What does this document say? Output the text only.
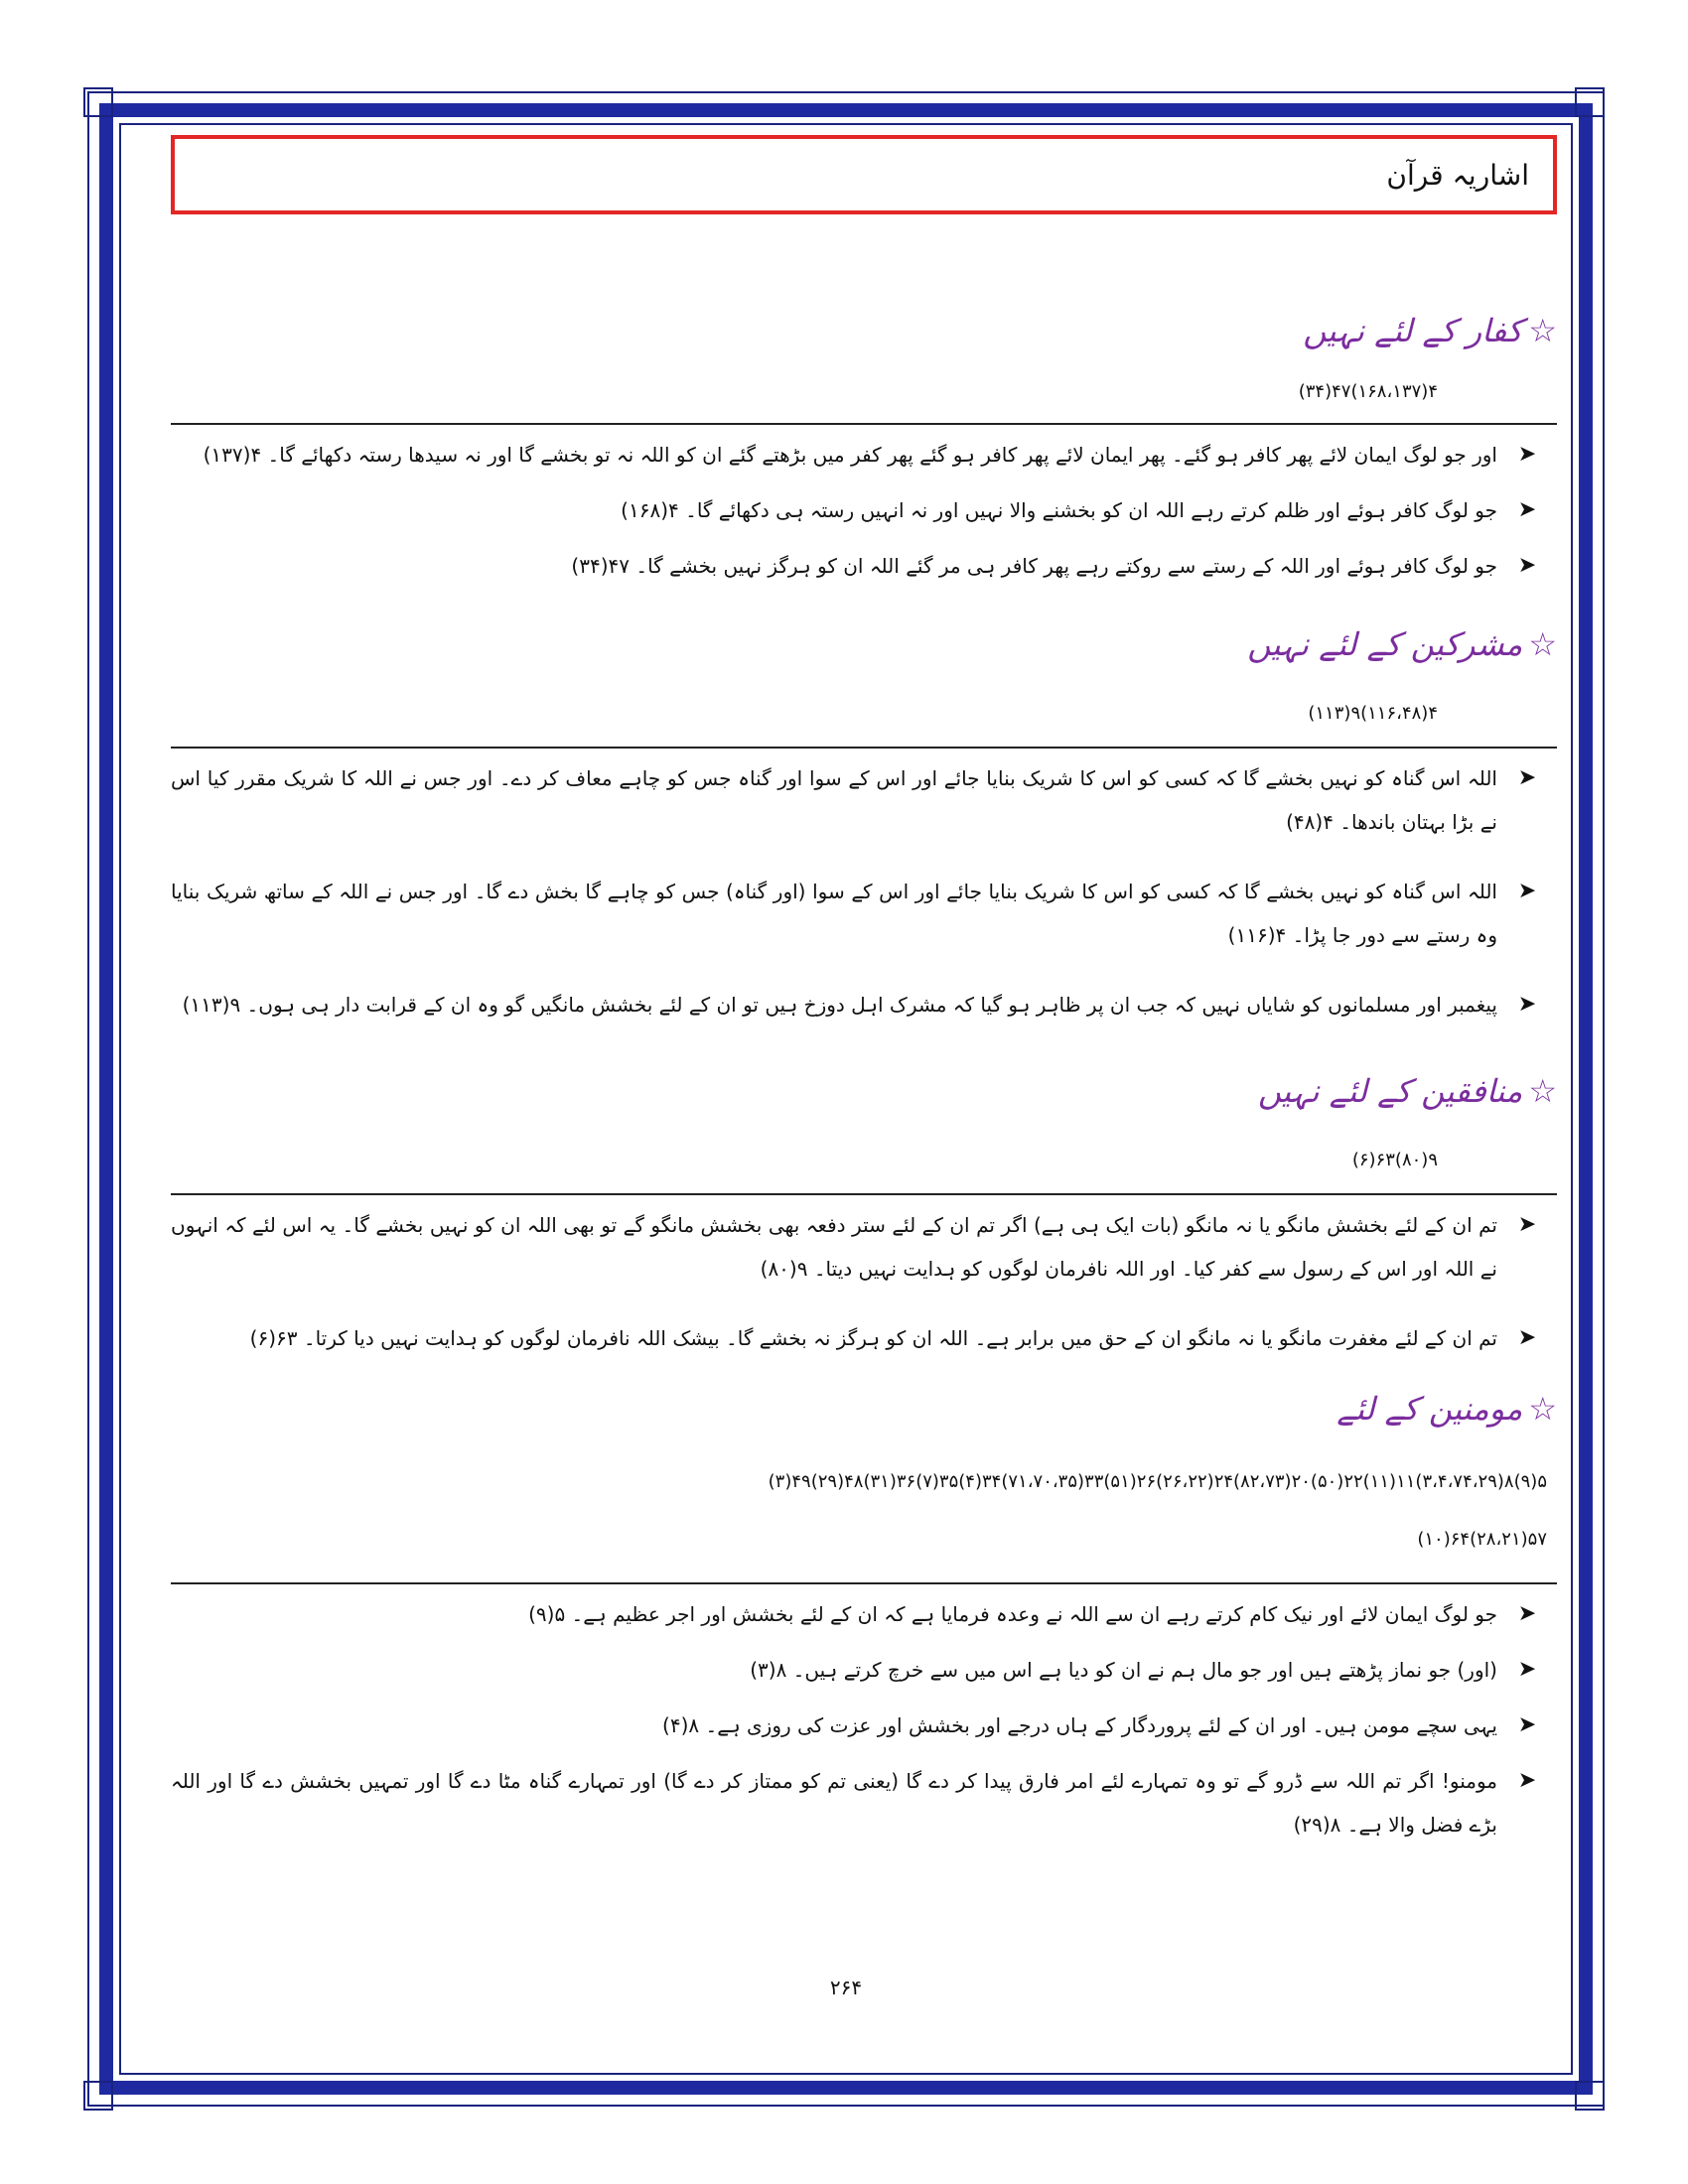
اشاریہ قرآن
☆کفار کے لئے نہیں
۴(۱۶۸،۱۳۷)۴۷(۳۴)
➤
اور جو لوگ ایمان لائے پھر کافر ہو گئے۔ پھر ایمان لائے پھر کافر ہو گئے پھر کفر میں بڑھتے گئے ان کو اللہ نہ تو بخشے گا اور نہ سیدھا رستہ دکھائے گا۔ ۴(۱۳۷)
➤
جو لوگ کافر ہوئے اور ظلم کرتے رہے اللہ ان کو بخشنے والا نہیں اور نہ انہیں رستہ ہی دکھائے گا۔ ۴(۱۶۸)
➤
جو لوگ کافر ہوئے اور اللہ کے رستے سے روکتے رہے پھر کافر ہی مر گئے اللہ ان کو ہرگز نہیں بخشے گا۔ ۴۷(۳۴)
☆مشرکین کے لئے نہیں
۴(۱۱۶،۴۸)۹(۱۱۳)
➤
اللہ اس گناہ کو نہیں بخشے گا کہ کسی کو اس کا شریک بنایا جائے اور اس کے سوا اور گناہ جس کو چاہے معاف کر دے۔ اور جس نے اللہ کا شریک مقرر کیا اس نے بڑا بہتان باندھا۔ ۴(۴۸)
➤
اللہ اس گناہ کو نہیں بخشے گا کہ کسی کو اس کا شریک بنایا جائے اور اس کے سوا (اور گناہ) جس کو چاہے گا بخش دے گا۔ اور جس نے اللہ کے ساتھ شریک بنایا وہ رستے سے دور جا پڑا۔ ۴(۱۱۶)
➤
پیغمبر اور مسلمانوں کو شایاں نہیں کہ جب ان پر ظاہر ہو گیا کہ مشرک اہل دوزخ ہیں تو ان کے لئے بخشش مانگیں گو وہ ان کے قرابت دار ہی ہوں۔ ۹(۱۱۳)
☆منافقین کے لئے نہیں
۹(۸۰)۶۳(۶)
➤
تم ان کے لئے بخشش مانگو یا نہ مانگو (بات ایک ہی ہے) اگر تم ان کے لئے ستر دفعہ بھی بخشش مانگو گے تو بھی اللہ ان کو نہیں بخشے گا۔ یہ اس لئے کہ انہوں نے اللہ اور اس کے رسول سے کفر کیا۔ اور اللہ نافرمان لوگوں کو ہدایت نہیں دیتا۔ ۹(۸۰)
➤
تم ان کے لئے مغفرت مانگو یا نہ مانگو ان کے حق میں برابر ہے۔ اللہ ان کو ہرگز نہ بخشے گا۔ بیشک اللہ نافرمان لوگوں کو ہدایت نہیں دیا کرتا۔ ۶۳(۶)
☆مومنین کے لئے
۵(۹)۸(۳،۴،۷۴،۲۹)۱۱(۱۱)۲۲(۵۰)۲۰(۸۲،۷۳)۲۴(۲۶،۲۲)۲۶(۵۱)۳۳(۷۱،۷۰،۳۵)۳۴(۴)۳۵(۷)۳۶(۳۱)۴۸(۲۹)۴۹(۳)
۵۷(۲۸،۲۱)۶۴(۱۰)
➤
جو لوگ ایمان لائے اور نیک کام کرتے رہے ان سے اللہ نے وعدہ فرمایا ہے کہ ان کے لئے بخشش اور اجر عظیم ہے۔ ۵(۹)
➤
(اور) جو نماز پڑھتے ہیں اور جو مال ہم نے ان کو دیا ہے اس میں سے خرچ کرتے ہیں۔ ۸(۳)
➤
یہی سچے مومن ہیں۔ اور ان کے لئے پروردگار کے ہاں درجے اور بخشش اور عزت کی روزی ہے۔ ۸(۴)
➤
مومنو! اگر تم اللہ سے ڈرو گے تو وہ تمہارے لئے امر فارق پیدا کر دے گا (یعنی تم کو ممتاز کر دے گا) اور تمہارے گناہ مٹا دے گا اور تمہیں بخشش دے گا اور اللہ بڑے فضل والا ہے۔ ۸(۲۹)
۲۶۴
